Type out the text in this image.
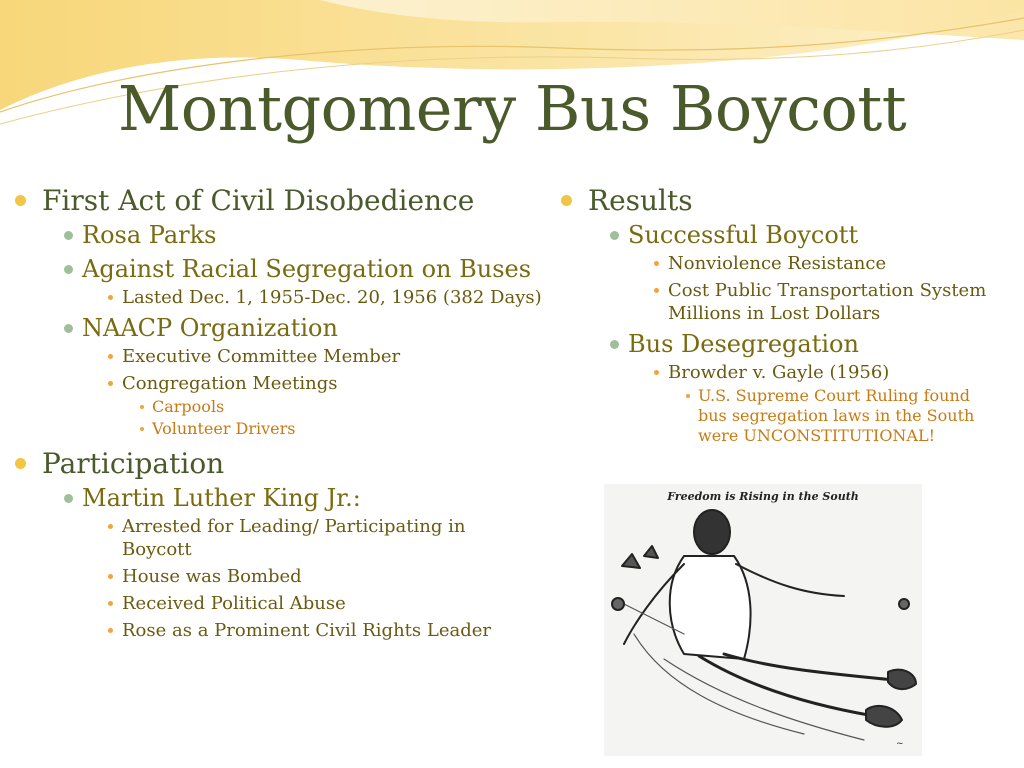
Montgomery Bus Boycott
First Act of Civil Disobedience
Rosa Parks
Against Racial Segregation on Buses
Lasted Dec. 1, 1955-Dec. 20, 1956 (382 Days)
NAACP Organization
Executive Committee Member
Congregation Meetings
Carpools
Volunteer Drivers
Participation
Martin Luther King Jr.:
Arrested for Leading/ Participating in Boycott
House was Bombed
Received Political Abuse
Rose as a Prominent Civil Rights Leader
Results
Successful Boycott
Nonviolence Resistance
Cost Public Transportation System Millions in Lost Dollars
Bus Desegregation
Browder v. Gayle (1956)
U.S. Supreme Court Ruling found bus segregation laws in the South were UNCONSTITUTIONAL!
Freedom is Rising in the South
~
